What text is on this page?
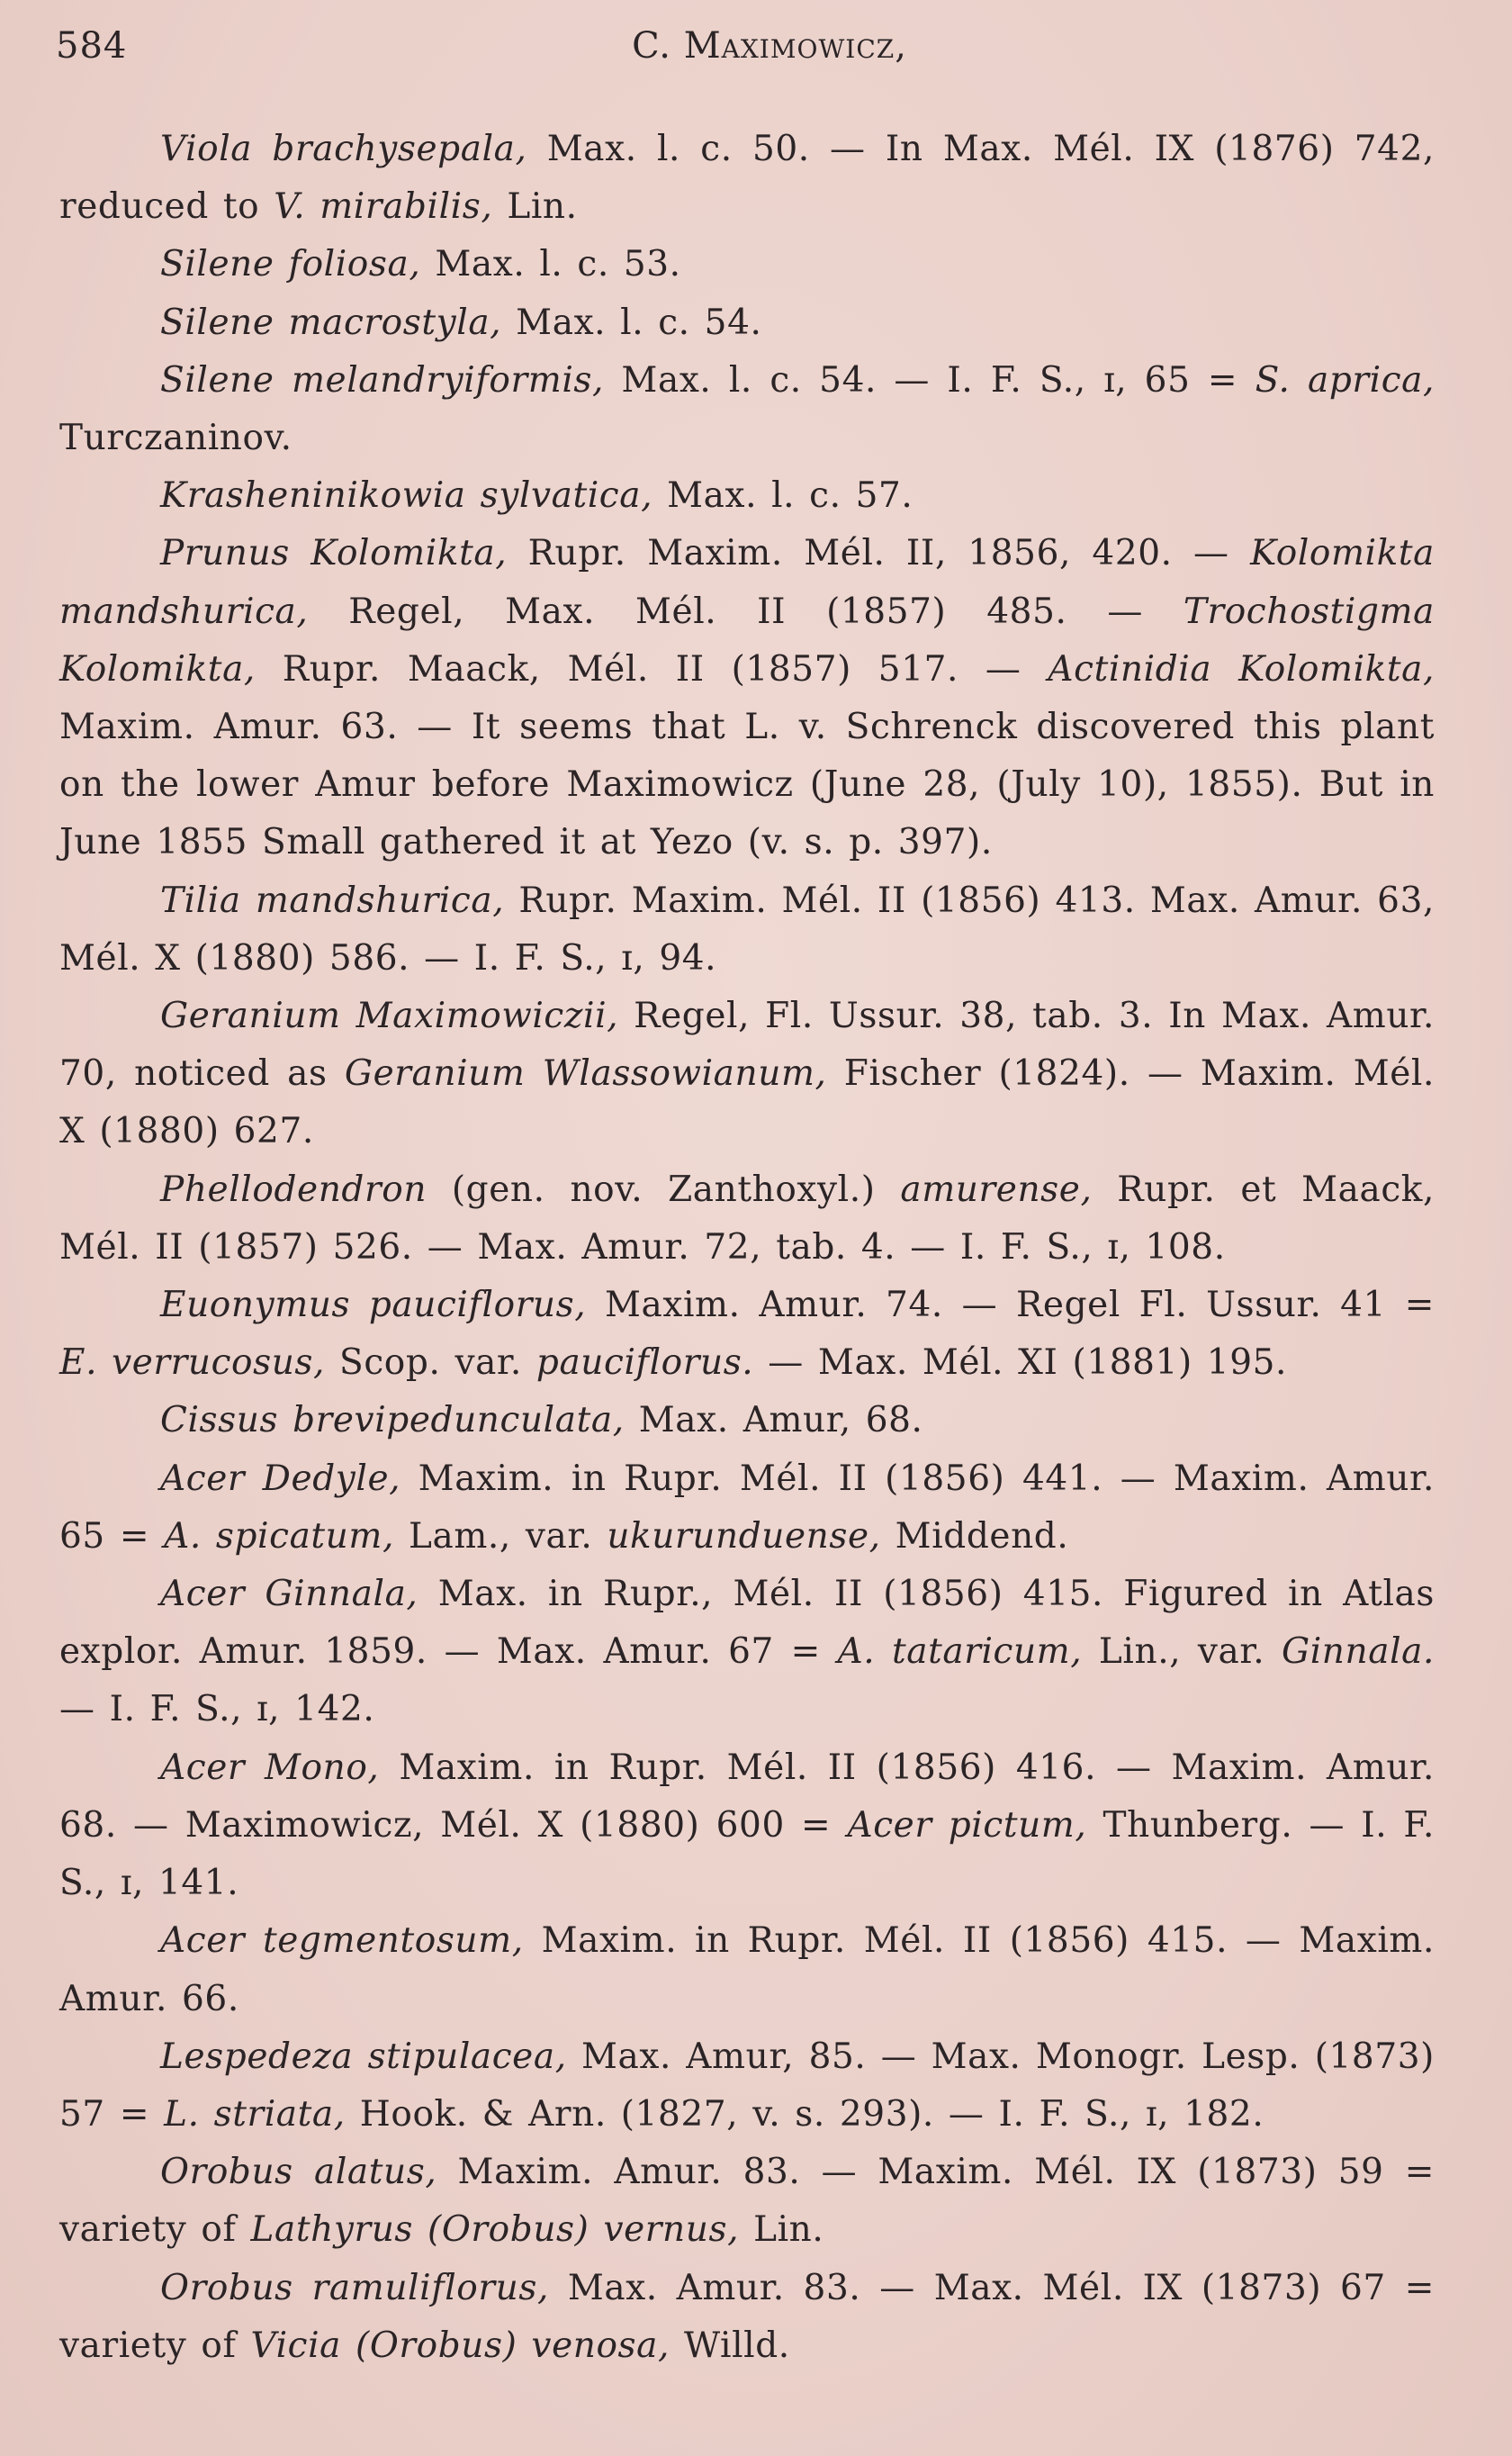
584	C. Maximowicz,

Viola brachysepala, Max. l. c. 50. — In Max. Mél. IX (1876) 742, reduced to V. mirabilis, Lin.

Silene foliosa, Max. l. c. 53.

Silene macrostyla, Max. l. c. 54.

Silene melandryiformis, Max. l. c. 54. — I. F. S., ɪ, 65 = S. aprica, Turczaninov.

Krasheninikowia sylvatica, Max. l. c. 57.

Prunus Kolomikta, Rupr. Maxim. Mél. II, 1856, 420. — Kolomikta mandshurica, Regel, Max. Mél. II (1857) 485. — Trochostigma Kolomikta, Rupr. Maack, Mél. II (1857) 517. — Actinidia Kolomikta, Maxim. Amur. 63. — It seems that L. v. Schrenck discovered this plant on the lower Amur before Maximowicz (June 28, (July 10), 1855). But in June 1855 Small gathered it at Yezo (v. s. p. 397).

Tilia mandshurica, Rupr. Maxim. Mél. II (1856) 413. Max. Amur. 63, Mél. X (1880) 586. — I. F. S., ɪ, 94.

Geranium Maximowiczii, Regel, Fl. Ussur. 38, tab. 3. In Max. Amur. 70, noticed as Geranium Wlassowianum, Fischer (1824). — Maxim. Mél. X (1880) 627.

Phellodendron (gen. nov. Zanthoxyl.) amurense, Rupr. et Maack, Mél. II (1857) 526. — Max. Amur. 72, tab. 4. — I. F. S., ɪ, 108.

Euonymus pauciflorus, Maxim. Amur. 74. — Regel Fl. Ussur. 41 = E. verrucosus, Scop. var. pauciflorus. — Max. Mél. XI (1881) 195.

Cissus brevipedunculata, Max. Amur, 68.

Acer Dedyle, Maxim. in Rupr. Mél. II (1856) 441. — Maxim. Amur. 65 = A. spicatum, Lam., var. ukurunduense, Middend.

Acer Ginnala, Max. in Rupr., Mél. II (1856) 415. Figured in Atlas explor. Amur. 1859. — Max. Amur. 67 = A. tataricum, Lin., var. Ginnala. — I. F. S., ɪ, 142.

Acer Mono, Maxim. in Rupr. Mél. II (1856) 416. — Maxim. Amur. 68. — Maximowicz, Mél. X (1880) 600 = Acer pictum, Thunberg. — I. F. S., ɪ, 141.

Acer tegmentosum, Maxim. in Rupr. Mél. II (1856) 415. — Maxim. Amur. 66.

Lespedeza stipulacea, Max. Amur, 85. — Max. Monogr. Lesp. (1873) 57 = L. striata, Hook. & Arn. (1827, v. s. 293). — I. F. S., ɪ, 182.

Orobus alatus, Maxim. Amur. 83. — Maxim. Mél. IX (1873) 59 = variety of Lathyrus (Orobus) vernus, Lin.

Orobus ramuliflorus, Max. Amur. 83. — Max. Mél. IX (1873) 67 = variety of Vicia (Orobus) venosa, Willd.
